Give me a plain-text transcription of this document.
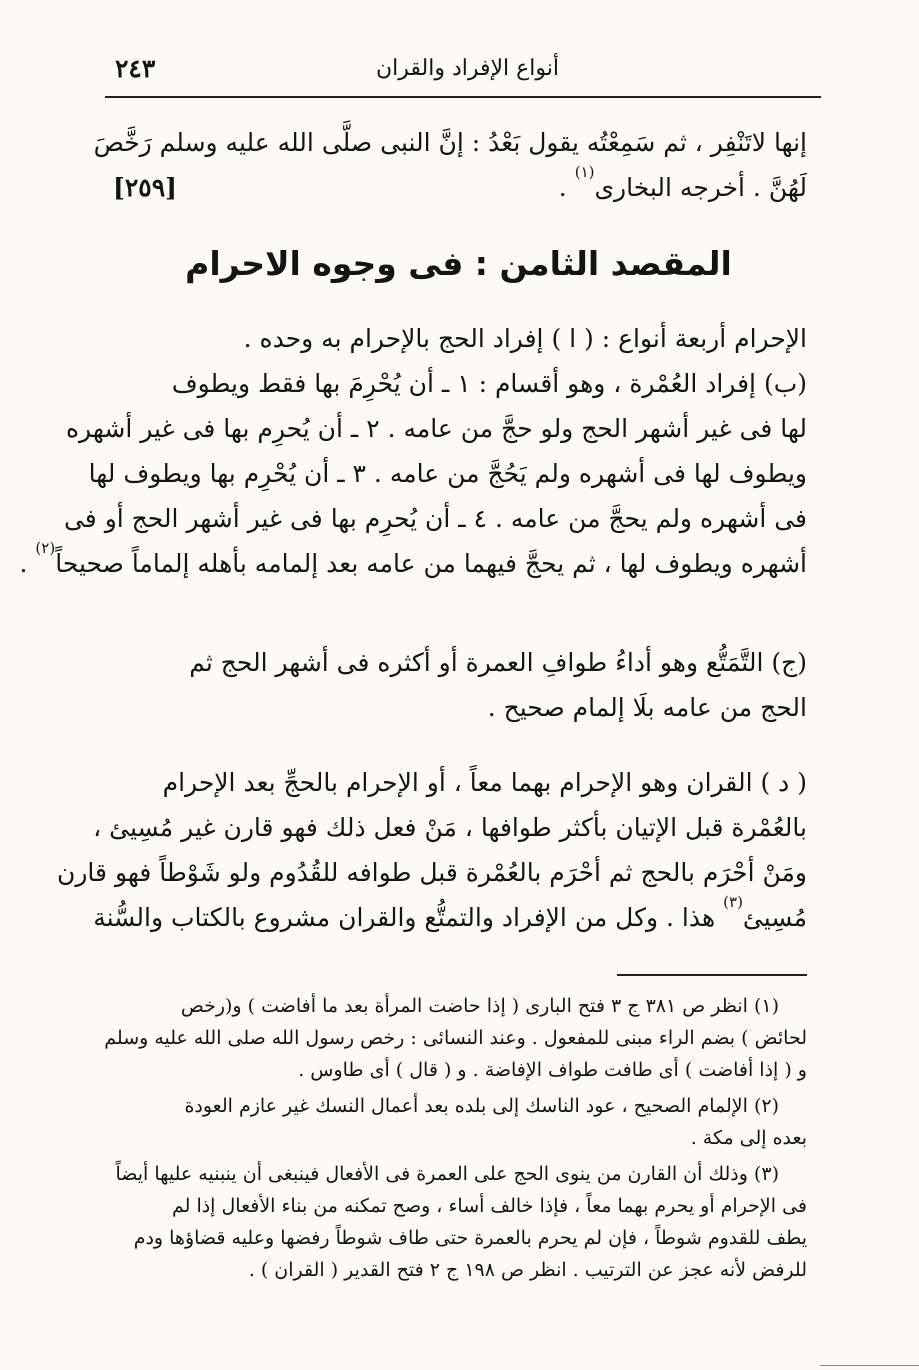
أنواع الإفراد والقران
٢٤٣
إنها لاتَنْفِر ، ثم سَمِعْتُه يقول بَعْدُ : إنَّ النبى صلَّى الله عليه وسلم رَخَّصَ
لَهُنَّ . أخرجه البخارى$^{(١)}$ .
[٢٥٩]
المقصد الثامن : فى وجوه الاحرام
الإحرام أربعة أنواع : ( ا ) إفراد الحج بالإحرام به وحده .
(ب) إفراد العُمْرة ، وهو أقسام : ١ ـ أن يُحْرِمَ بها فقط ويطوف
لها فى غير أشهر الحج ولو حجَّ من عامه . ٢ ـ أن يُحرِم بها فى غير أشهره
ويطوف لها فى أشهره ولم يَحُجَّ من عامه . ٣ ـ أن يُحْرِم بها ويطوف لها
فى أشهره ولم يحجَّ من عامه . ٤ ـ أن يُحرِم بها فى غير أشهر الحج أو فى
أشهره ويطوف لها ، ثم يحجَّ فيهما من عامه بعد إلمامه بأهله إلماماً صحيحاً$^{(٢)}$ .
(ج) التَّمَتُّع وهو أداءُ طوافِ العمرة أو أكثره فى أشهر الحج ثم
الحج من عامه بلَا إلمام صحيح .
( د ) القران وهو الإحرام بهما معاً ، أو الإحرام بالحجِّ بعد الإحرام
بالعُمْرة قبل الإتيان بأكثر طوافها ، مَنْ فعل ذلك فهو قارن غير مُسِيئ ،
ومَنْ أحْرَم بالحج ثم أحْرَم بالعُمْرة قبل طوافه للقُدُوم ولو شَوْطاً فهو قارن
مُسِيئ$^{(٣)}$ هذا . وكل من الإفراد والتمتُّع والقران مشروع بالكتاب والسُّنة
(١) انظر ص ٣٨١ ج ٣ فتح البارى ( إذا حاضت المرأة بعد ما أفاضت ) و(رخص
لحائض ) بضم الراء مبنى للمفعول . وعند النسائى : رخص رسول الله صلى الله عليه وسلم
و ( إذا أفاضت ) أى طافت طواف الإفاضة . و ( قال ) أى طاوس .
(٢) الإلمام الصحيح ، عود الناسك إلى بلده بعد أعمال النسك غير عازم العودة
بعده إلى مكة .
(٣) وذلك أن القارن من ينوى الحج على العمرة فى الأفعال فينبغى أن ينبنيه عليها أيضاً
فى الإحرام أو يحرم بهما معاً ، فإذا خالف أساء ، وصح تمكنه من بناء الأفعال إذا لم
يطف للقدوم شوطاً ، فإن لم يحرم بالعمرة حتى طاف شوطاً رفضها وعليه قضاؤها ودم
للرفض لأنه عجز عن الترتيب . انظر ص ١٩٨ ج ٢ فتح القدير ( القران ) .
